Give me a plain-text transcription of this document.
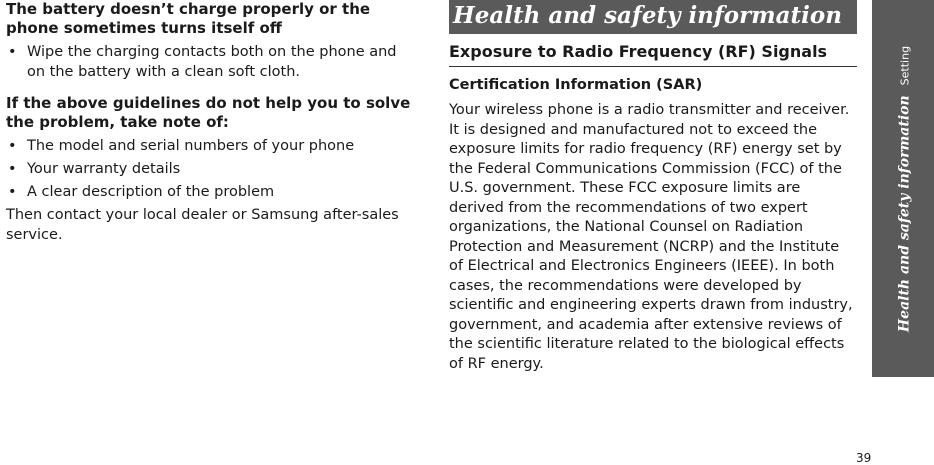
The battery doesn’t charge properly or the phone sometimes turns itself off
• Wipe the charging contacts both on the phone and on the battery with a clean soft cloth.
If the above guidelines do not help you to solve the problem, take note of:
• The model and serial numbers of your phone
• Your warranty details
• A clear description of the problem

Then contact your local dealer or Samsung after-sales service.

Health and safety information
Exposure to Radio Frequency (RF) Signals
Certification Information (SAR)

Your wireless phone is a radio transmitter and receiver. It is designed and manufactured not to exceed the exposure limits for radio frequency (RF) energy set by the Federal Communications Commission (FCC) of the U.S. government. These FCC exposure limits are derived from the recommendations of two expert organizations, the National Counsel on Radiation Protection and Measurement (NCRP) and the Institute of Electrical and Electronics Engineers (IEEE). In both cases, the recommendations were developed by scientific and engineering experts drawn from industry, government, and academia after extensive reviews of the scientific literature related to the biological effects of RF energy.

Health and safety informationSetting
39
